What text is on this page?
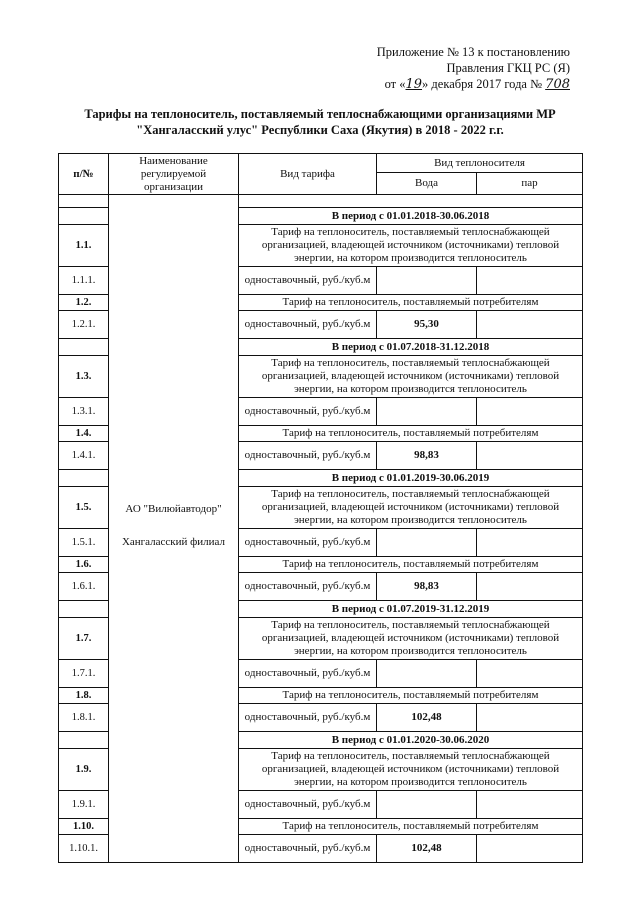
Приложение № 13 к постановлению
Правления ГКЦ РС (Я)
от «19» декабря 2017 года № 708
Тарифы на теплоноситель, поставляемый теплоснабжающими организациями МР
"Хангаласский улус" Республики Саха (Якутия) в 2018 - 2022 г.г.
п/№	Наименование регулируемой организации	Вид тарифа	Вид теплоносителя	
			Вода	пар

	АО "Вилюйавтодор"
Хангаласский филиал			

		В период с 01.01.2018-30.06.2018		
1.1.		Тариф на теплоноситель, поставляемый теплоснабжающей организацией, владеющей источником (источниками) тепловой энергии, на котором производится теплоноситель		
1.1.1.		одноставочный, руб./куб.м		
1.2.		Тариф на теплоноситель, поставляемый потребителям		
1.2.1.		одноставочный, руб./куб.м	95,30	
		В период с 01.07.2018-31.12.2018		
1.3.		Тариф на теплоноситель, поставляемый теплоснабжающей организацией, владеющей источником (источниками) тепловой энергии, на котором производится теплоноситель		
1.3.1.		одноставочный, руб./куб.м		
1.4.		Тариф на теплоноситель, поставляемый потребителям		
1.4.1.		одноставочный, руб./куб.м	98,83	
		В период с 01.01.2019-30.06.2019		
1.5.		Тариф на теплоноситель, поставляемый теплоснабжающей организацией, владеющей источником (источниками) тепловой энергии, на котором производится теплоноситель		
1.5.1.		одноставочный, руб./куб.м		
1.6.		Тариф на теплоноситель, поставляемый потребителям		
1.6.1.		одноставочный, руб./куб.м	98,83	
		В период с 01.07.2019-31.12.2019		
1.7.		Тариф на теплоноситель, поставляемый теплоснабжающей организацией, владеющей источником (источниками) тепловой энергии, на котором производится теплоноситель		
1.7.1.		одноставочный, руб./куб.м		
1.8.		Тариф на теплоноситель, поставляемый потребителям		
1.8.1.		одноставочный, руб./куб.м	102,48	
		В период с 01.01.2020-30.06.2020		
1.9.		Тариф на теплоноситель, поставляемый теплоснабжающей организацией, владеющей источником (источниками) тепловой энергии, на котором производится теплоноситель		
1.9.1.		одноставочный, руб./куб.м		
1.10.		Тариф на теплоноситель, поставляемый потребителям		
1.10.1.		одноставочный, руб./куб.м	102,48	
